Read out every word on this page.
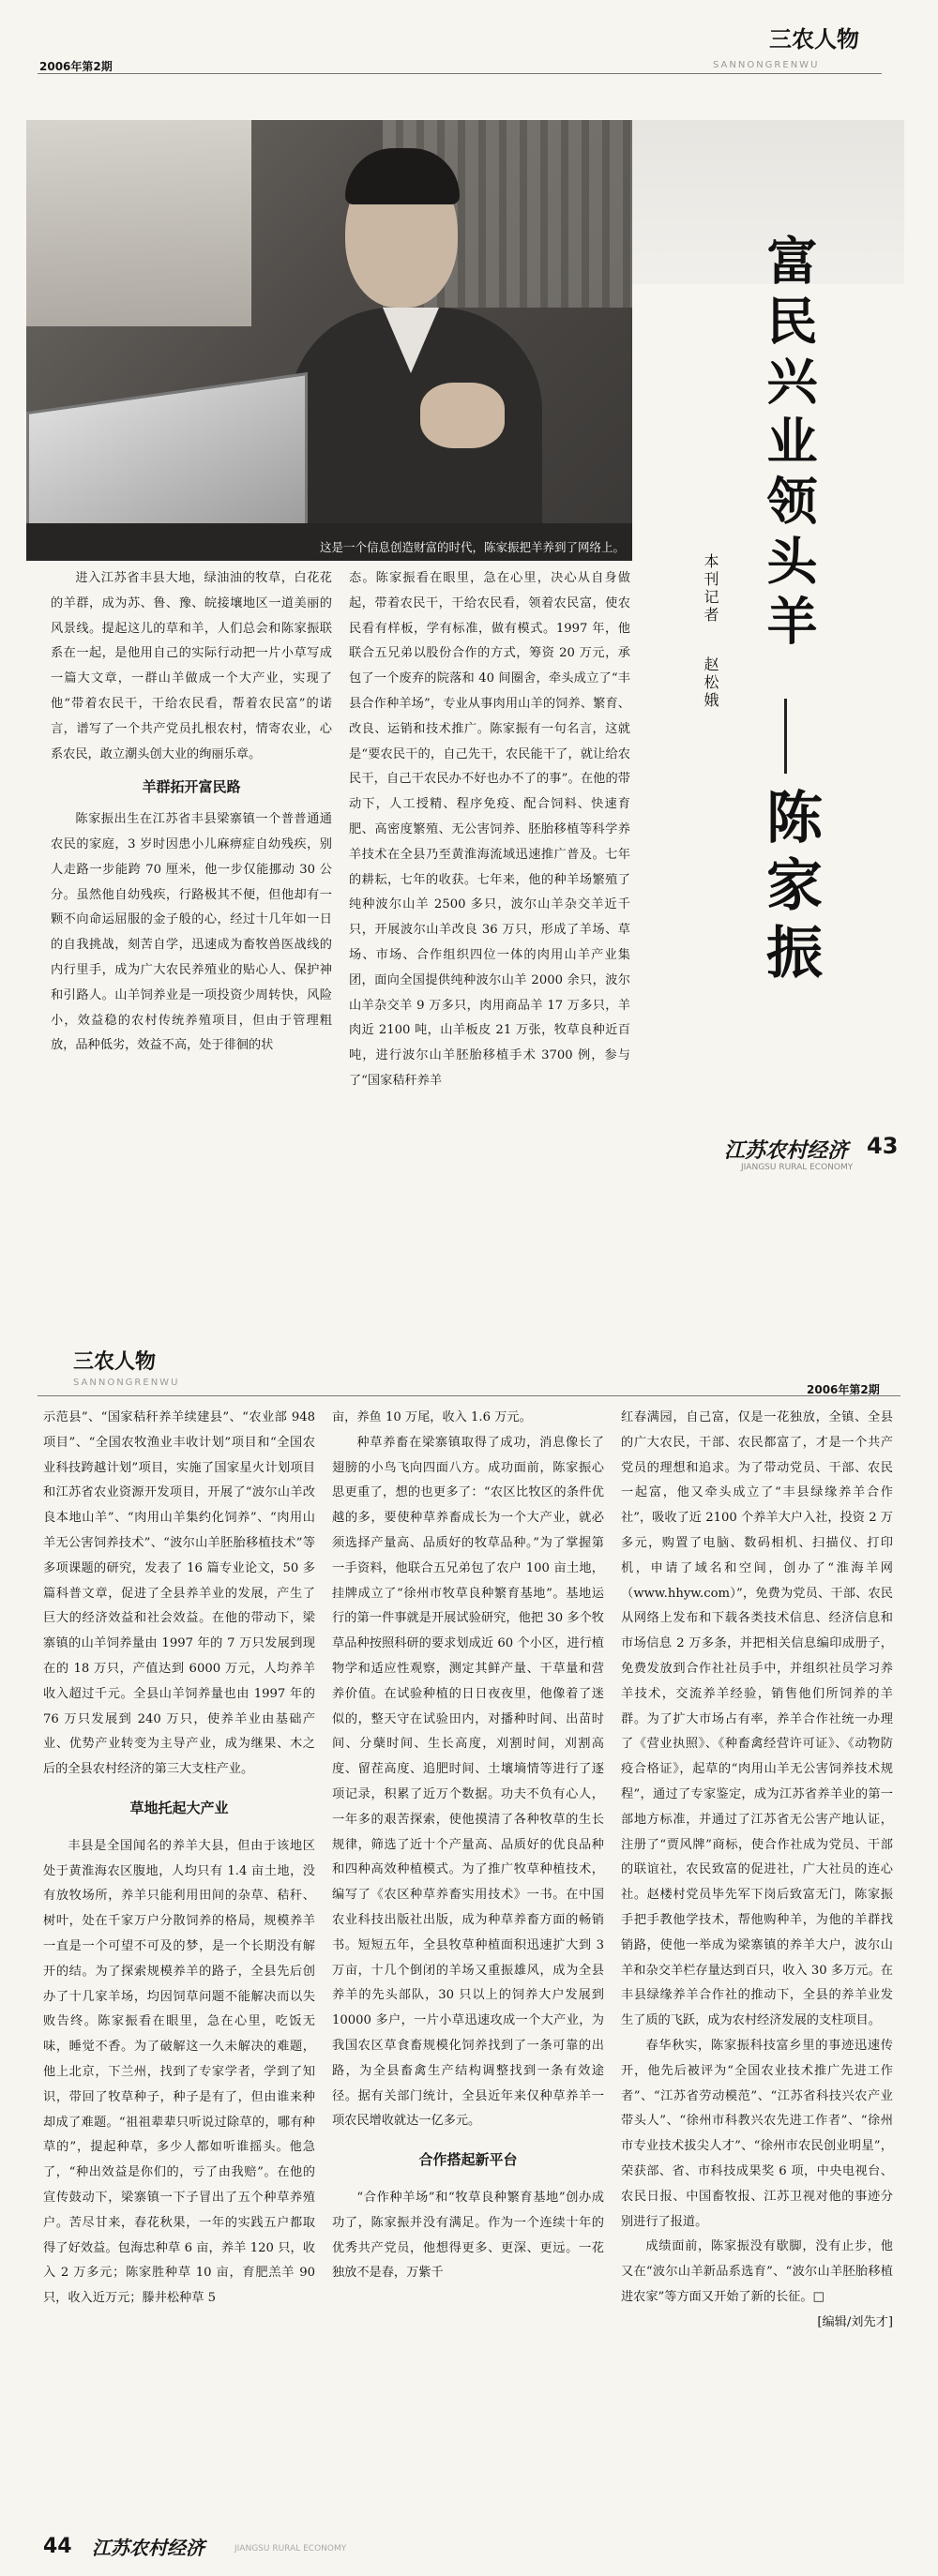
2006年第2期
三农人物
SANNONGRENWU
这是一个信息创造财富的时代，陈家振把羊养到了网络上。	富民兴业领头羊
陈家振
本刊记者
赵松娥

进入江苏省丰县大地，绿油油的牧草，白花花的羊群，成为苏、鲁、豫、皖接壤地区一道美丽的风景线。提起这儿的草和羊，人们总会和陈家振联系在一起，是他用自己的实际行动把一片小草写成一篇大文章，一群山羊做成一个大产业，实现了他“带着农民干，干给农民看，帮着农民富”的诺言，谱写了一个共产党员扎根农村，情寄农业，心系农民，敢立潮头创大业的绚丽乐章。

羊群拓开富民路

陈家振出生在江苏省丰县梁寨镇一个普普通通农民的家庭，3 岁时因患小儿麻痹症自幼残疾，别人走路一步能跨 70 厘米，他一步仅能挪动 30 公分。虽然他自幼残疾，行路极其不便，但他却有一颗不向命运屈服的金子般的心，经过十几年如一日的自我挑战，刻苦自学，迅速成为畜牧兽医战线的内行里手，成为广大农民养殖业的贴心人、保护神和引路人。山羊饲养业是一项投资少周转快，风险小，效益稳的农村传统养殖项目，但由于管理粗放，品种低劣，效益不高，处于徘徊的状

态。陈家振看在眼里，急在心里，决心从自身做起，带着农民干，干给农民看，领着农民富，使农民看有样板，学有标准，做有模式。1997 年，他联合五兄弟以股份合作的方式，筹资 20 万元，承包了一个废弃的院落和 40 间圈舍，牵头成立了“丰县合作种羊场”，专业从事肉用山羊的饲养、繁育、改良、运销和技术推广。陈家振有一句名言，这就是“要农民干的，自己先干，农民能干了，就让给农民干，自己干农民办不好也办不了的事”。在他的带动下，人工授精、程序免疫、配合饲料、快速育肥、高密度繁殖、无公害饲养、胚胎移植等科学养羊技术在全县乃至黄淮海流域迅速推广普及。七年的耕耘，七年的收获。七年来，他的种羊场繁殖了纯种波尔山羊 2500 多只，波尔山羊杂交羊近千只，开展波尔山羊改良 36 万只，形成了羊场、草场、市场、合作组织四位一体的肉用山羊产业集团，面向全国提供纯种波尔山羊 2000 余只，波尔山羊杂交羊 9 万多只，肉用商品羊 17 万多只，羊肉近 2100 吨，山羊板皮 21 万张，牧草良种近百吨，进行波尔山羊胚胎移植手术 3700 例，参与了“国家秸秆养羊

江苏农村经济
JIANGSU RURAL ECONOMY
43
三农人物
SANNONGRENWU
2006年第2期

示范县”、“国家秸秆养羊续建县”、“农业部 948 项目”、“全国农牧渔业丰收计划”项目和“全国农业科技跨越计划”项目，实施了国家星火计划项目和江苏省农业资源开发项目，开展了“波尔山羊改良本地山羊”、“肉用山羊集约化饲养”、“肉用山羊无公害饲养技术”、“波尔山羊胚胎移植技术”等多项课题的研究，发表了 16 篇专业论文，50 多篇科普文章，促进了全县养羊业的发展，产生了巨大的经济效益和社会效益。在他的带动下，梁寨镇的山羊饲养量由 1997 年的 7 万只发展到现在的 18 万只，产值达到 6000 万元，人均养羊收入超过千元。全县山羊饲养量也由 1997 年的 76 万只发展到 240 万只，使养羊业由基础产业、优势产业转变为主导产业，成为继果、木之后的全县农村经济的第三大支柱产业。

草地托起大产业

丰县是全国闻名的养羊大县，但由于该地区处于黄淮海农区腹地，人均只有 1.4 亩土地，没有放牧场所，养羊只能利用田间的杂草、秸秆、树叶，处在千家万户分散饲养的格局，规模养羊一直是一个可望不可及的梦，是一个长期没有解开的结。为了探索规模养羊的路子，全县先后创办了十几家羊场，均因饲草问题不能解决而以失败告终。陈家振看在眼里，急在心里，吃饭无味，睡觉不香。为了破解这一久未解决的难题，他上北京，下兰州，找到了专家学者，学到了知识，带回了牧草种子，种子是有了，但由谁来种却成了难题。“祖祖辈辈只听说过除草的，哪有种草的”，提起种草，多少人都如听谁摇头。他急了，“种出效益是你们的，亏了由我赔”。在他的宣传鼓动下，梁寨镇一下子冒出了五个种草养殖户。苦尽甘来，春花秋果，一年的实践五户都取得了好效益。包海忠种草 6 亩，养羊 120 只，收入 2 万多元；陈家胜种草 10 亩，育肥羔羊 90 只，收入近万元；滕井松种草 5

亩，养鱼 10 万尾，收入 1.6 万元。

种草养畜在梁寨镇取得了成功，消息像长了翅膀的小鸟飞向四面八方。成功面前，陈家振心思更重了，想的也更多了：“农区比牧区的条件优越的多，要使种草养畜成长为一个大产业，就必须选择产量高、品质好的牧草品种。”为了掌握第一手资料，他联合五兄弟包了农户 100 亩土地，挂牌成立了“徐州市牧草良种繁育基地”。基地运行的第一件事就是开展试验研究，他把 30 多个牧草品种按照科研的要求划成近 60 个小区，进行植物学和适应性观察，测定其鲜产量、干草量和营养价值。在试验种植的日日夜夜里，他像着了迷似的，整天守在试验田内，对播种时间、出苗时间、分蘖时间、生长高度，刈割时间，刈割高度、留茬高度、追肥时间、土壤墒情等进行了逐项记录，积累了近万个数据。功夫不负有心人，一年多的艰苦探索，使他摸清了各种牧草的生长规律，筛选了近十个产量高、品质好的优良品种和四种高效种植模式。为了推广牧草种植技术，编写了《农区种草养畜实用技术》一书。在中国农业科技出版社出版，成为种草养畜方面的畅销书。短短五年，全县牧草种植面积迅速扩大到 3 万亩，十几个倒闭的羊场又重振雄风，成为全县养羊的先头部队，30 只以上的饲养大户发展到 10000 多户，一片小草迅速攻成一个大产业，为我国农区草食畜规模化饲养找到了一条可靠的出路，为全县畜禽生产结构调整找到一条有效途径。据有关部门统计，全县近年来仅种草养羊一项农民增收就达一亿多元。

合作搭起新平台

“合作种羊场”和“牧草良种繁育基地”创办成功了，陈家振并没有满足。作为一个连续十年的优秀共产党员，他想得更多、更深、更远。一花独放不是春，万紫千

红春满园，自己富，仅是一花独放，全镇、全县的广大农民，干部、农民都富了，才是一个共产党员的理想和追求。为了带动党员、干部、农民一起富，他又牵头成立了“丰县绿缘养羊合作社”，吸收了近 2100 个养羊大户入社，投资 2 万多元，购置了电脑、数码相机、扫描仪、打印机，申请了域名和空间，创办了“淮海羊网（www.hhyw.com）”，免费为党员、干部、农民从网络上发布和下载各类技术信息、经济信息和市场信息 2 万多条，并把相关信息编印成册子，免费发放到合作社社员手中，并组织社员学习养羊技术，交流养羊经验，销售他们所饲养的羊群。为了扩大市场占有率，养羊合作社统一办理了《营业执照》、《种畜禽经营许可证》、《动物防疫合格证》，起草的“肉用山羊无公害饲养技术规程”，通过了专家鉴定，成为江苏省养羊业的第一部地方标准，并通过了江苏省无公害产地认证，注册了“贾风牌”商标，使合作社成为党员、干部的联谊社，农民致富的促进社，广大社员的连心社。赵楼村党员毕先军下岗后致富无门，陈家振手把手教他学技术，帮他购种羊，为他的羊群找销路，使他一举成为梁寨镇的养羊大户，波尔山羊和杂交羊栏存量达到百只，收入 30 多万元。在丰县绿缘养羊合作社的推动下，全县的养羊业发生了质的飞跃，成为农村经济发展的支柱项目。

春华秋实，陈家振科技富乡里的事迹迅速传开，他先后被评为“全国农业技术推广先进工作者”、“江苏省劳动模范”、“江苏省科技兴农产业带头人”、“徐州市科教兴农先进工作者”、“徐州市专业技术拔尖人才”、“徐州市农民创业明星”，荣获部、省、市科技成果奖 6 项，中央电视台、农民日报、中国畜牧报、江苏卫视对他的事迹分别进行了报道。

成绩面前，陈家振没有歇脚，没有止步，他又在“波尔山羊新品系选育”、“波尔山羊胚胎移植进农家”等方面又开始了新的长征。□

[编辑/刘先才]

44 江苏农村经济	JIANGSU RURAL ECONOMY
